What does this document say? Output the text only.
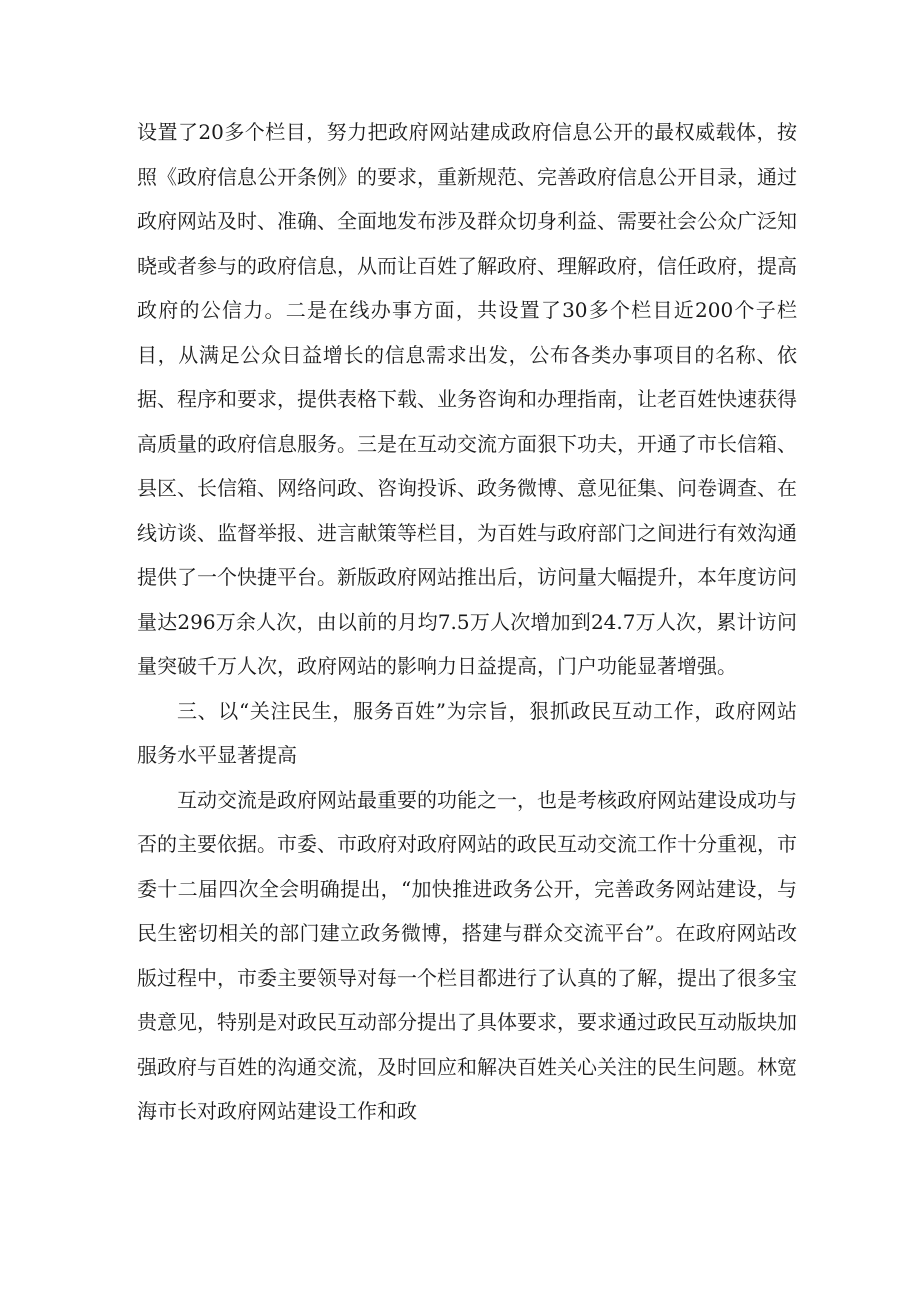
设置了20多个栏目，努力把政府网站建成政府信息公开的最权威载体，按照《政府信息公开条例》的要求，重新规范、完善政府信息公开目录，通过政府网站及时、准确、全面地发布涉及群众切身利益、需要社会公众广泛知晓或者参与的政府信息，从而让百姓了解政府、理解政府，信任政府，提高政府的公信力。二是在线办事方面，共设置了30多个栏目近200个子栏目，从满足公众日益增长的信息需求出发，公布各类办事项目的名称、依据、程序和要求，提供表格下载、业务咨询和办理指南，让老百姓快速获得高质量的政府信息服务。三是在互动交流方面狠下功夫，开通了市长信箱、县区、长信箱、网络问政、咨询投诉、政务微博、意见征集、问卷调查、在线访谈、监督举报、进言献策等栏目，为百姓与政府部门之间进行有效沟通提供了一个快捷平台。新版政府网站推出后，访问量大幅提升，本年度访问量达296万余人次，由以前的月均7.5万人次增加到24.7万人次，累计访问量突破千万人次，政府网站的影响力日益提高，门户功能显著增强。

三、以“关注民生，服务百姓”为宗旨，狠抓政民互动工作，政府网站服务水平显著提高

互动交流是政府网站最重要的功能之一，也是考核政府网站建设成功与否的主要依据。市委、市政府对政府网站的政民互动交流工作十分重视，市委十二届四次全会明确提出，“加快推进政务公开，完善政务网站建设，与民生密切相关的部门建立政务微博，搭建与群众交流平台”。在政府网站改版过程中，市委主要领导对每一个栏目都进行了认真的了解，提出了很多宝贵意见，特别是对政民互动部分提出了具体要求，要求通过政民互动版块加强政府与百姓的沟通交流，及时回应和解决百姓关心关注的民生问题。林宽海市长对政府网站建设工作和政
